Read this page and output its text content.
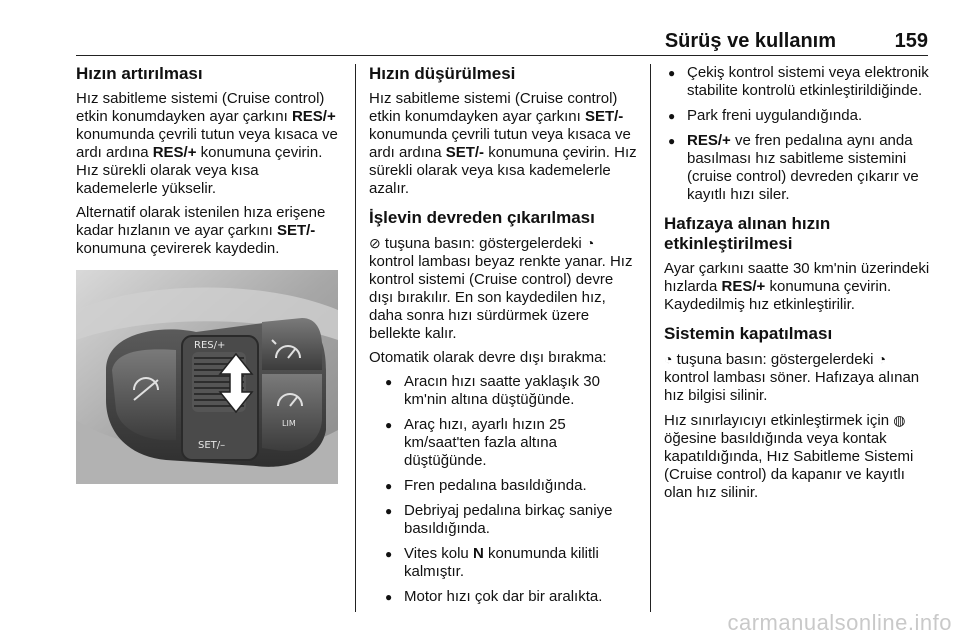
Sürüş ve kullanım	159
Hızın artırılması

Hız sabitleme sistemi (Cruise control) etkin konumdayken ayar çarkını RES/+ konumunda çevrili tutun veya kısaca ve ardı ardına RES/+ konumuna çevirin. Hız sürekli olarak veya kısa kademelerle yükselir.

Alternatif olarak istenilen hıza erişene kadar hızlanın ve ayar çarkını SET/- konumuna çevirerek kaydedin.

RES/+
SET/–
LIM
Hızın düşürülmesi

Hız sabitleme sistemi (Cruise control) etkin konumdayken ayar çarkını SET/- konumunda çevrili tutun veya kısaca ve ardı ardına SET/- konumuna çevirin. Hız sürekli olarak veya kısa kademelerle azalır.

İşlevin devreden çıkarılması

⊘ tuşuna basın: göstergelerdeki ◔ kontrol lambası beyaz renkte yanar. Hız kontrol sistemi (Cruise control) devre dışı bırakılır. En son kaydedilen hız, daha sonra hızı sürdürmek üzere bellekte kalır.

Otomatik olarak devre dışı bırakma:

● Aracın hızı saatte yaklaşık 30 km'nin altına düştüğünde.
● Araç hızı, ayarlı hızın 25 km/saat'ten fazla altına düştüğünde.
● Fren pedalına basıldığında.
● Debriyaj pedalına birkaç saniye basıldığında.
● Vites kolu N konumunda kilitli kalmıştır.
● Motor hızı çok dar bir aralıkta.
● Çekiş kontrol sistemi veya elektronik stabilite kontrolü etkinleştirildiğinde.
● Park freni uygulandığında.
● RES/+ ve fren pedalına aynı anda basılması hız sabitleme sistemini (cruise control) devreden çıkarır ve kayıtlı hızı siler.
Hafızaya alınan hızın etkinleştirilmesi

Ayar çarkını saatte 30 km'nin üzerindeki hızlarda RES/+ konumuna çevirin. Kaydedilmiş hız etkinleştirilir.

Sistemin kapatılması

◔ tuşuna basın: göstergelerdeki ◔ kontrol lambası söner. Hafızaya alınan hız bilgisi silinir.

Hız sınırlayıcıyı etkinleştirmek için ◍ öğesine basıldığında veya kontak kapatıldığında, Hız Sabitleme Sistemi (Cruise control) da kapanır ve kayıtlı olan hız silinir.

carmanualsonline.info
